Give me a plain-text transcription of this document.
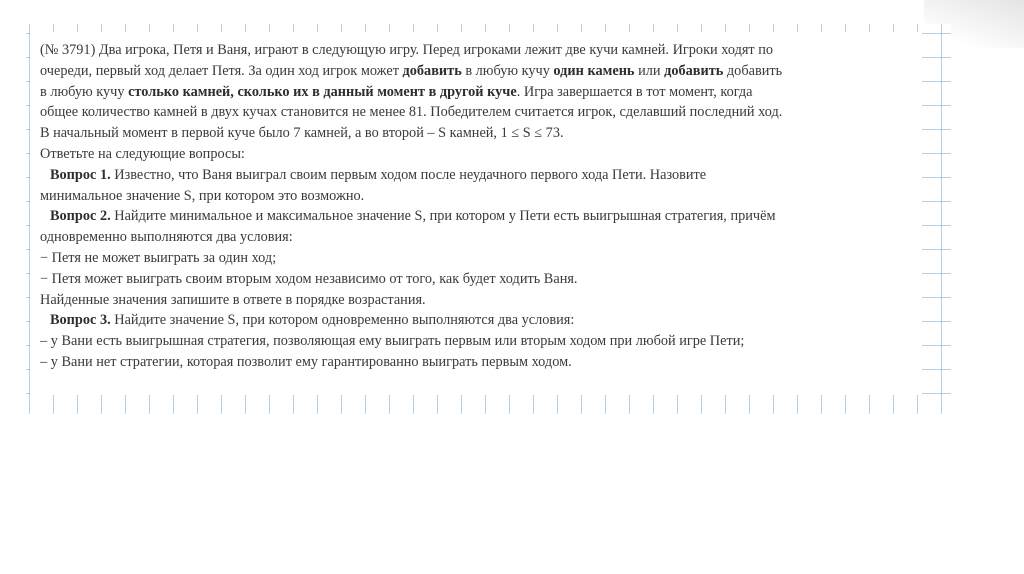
(№ 3791) Два игрока, Петя и Ваня, играют в следующую игру. Перед игроками лежит две кучи камней. Игроки ходят по
очереди, первый ход делает Петя. За один ход игрок может добавить в любую кучу один камень или добавить добавить
в любую кучу столько камней, сколько их в данный момент в другой куче. Игра завершается в тот момент, когда
общее количество камней в двух кучах становится не менее 81. Победителем считается игрок, сделавший последний ход.
В начальный момент в первой куче было 7 камней, а во второй – S камней, 1 ≤ S ≤ 73.
Ответьте на следующие вопросы:
Вопрос 1. Известно, что Ваня выиграл своим первым ходом после неудачного первого хода Пети. Назовите
минимальное значение S, при котором это возможно.
Вопрос 2. Найдите минимальное и максимальное значение S, при котором у Пети есть выигрышная стратегия, причём
одновременно выполняются два условия:
− Петя не может выиграть за один ход;
− Петя может выиграть своим вторым ходом независимо от того, как будет ходить Ваня.
Найденные значения запишите в ответе в порядке возрастания.
Вопрос 3. Найдите значение S, при котором одновременно выполняются два условия:
– у Вани есть выигрышная стратегия, позволяющая ему выиграть первым или вторым ходом при любой игре Пети;
– у Вани нет стратегии, которая позволит ему гарантированно выиграть первым ходом.
